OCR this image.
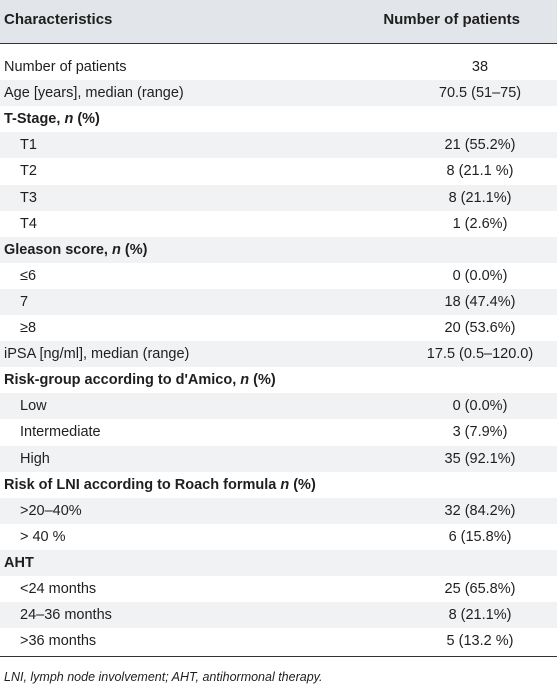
Characteristics	Number of patients
Number of patients	38
Age [years], median (range)	70.5 (51–75)
T-Stage, n (%)
T1	21 (55.2%)
T2	8 (21.1 %)
T3	8 (21.1%)
T4	1 (2.6%)
Gleason score, n (%)
≤6	0 (0.0%)
7	18 (47.4%)
≥8	20 (53.6%)
iPSA [ng/ml], median (range)	17.5 (0.5–120.0)
Risk-group according to d'Amico, n (%)
Low	0 (0.0%)
Intermediate	3 (7.9%)
High	35 (92.1%)
Risk of LNI according to Roach formula n (%)
>20–40%	32 (84.2%)
> 40 %	6 (15.8%)
AHT
<24 months	25 (65.8%)
24–36 months	8 (21.1%)
>36 months	5 (13.2 %)
LNI, lymph node involvement; AHT, antihormonal therapy.
